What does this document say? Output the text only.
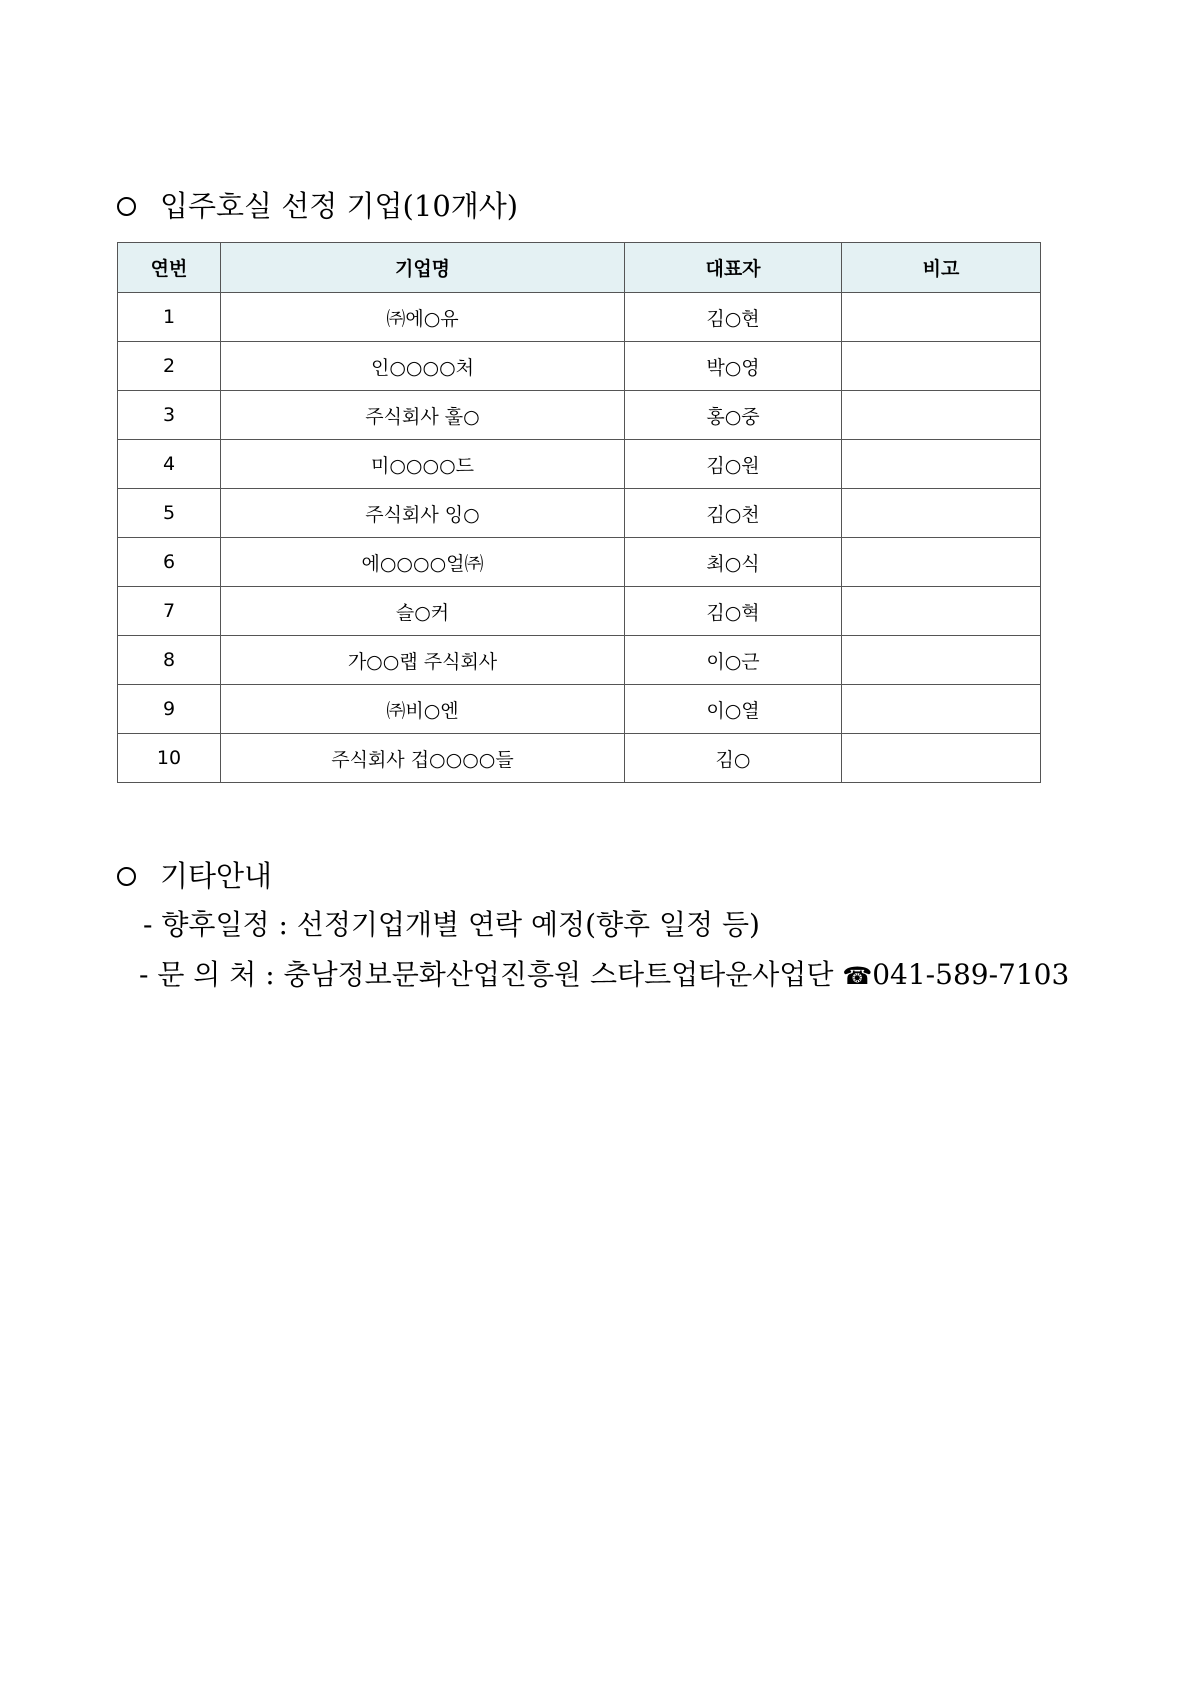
입주호실 선정 기업(10개사)
연번	기업명	대표자	비고
1	㈜에○유	김○현	
2	인○○○○처	박○영	
3	주식회사 훌○	홍○중	
4	미○○○○드	김○원	
5	주식회사 잉○	김○천	
6	에○○○○얼㈜	최○식	
7	슬○커	김○혁	
8	가○○랩 주식회사	이○근	
9	㈜비○엔	이○열	
10	주식회사 겁○○○○들	김○	
기타안내
- 향후일정 : 선정기업개별 연락 예정(향후 일정 등)
- 문 의 처 : 충남정보문화산업진흥원 스타트업타운사업단 ☎041-589-7103
